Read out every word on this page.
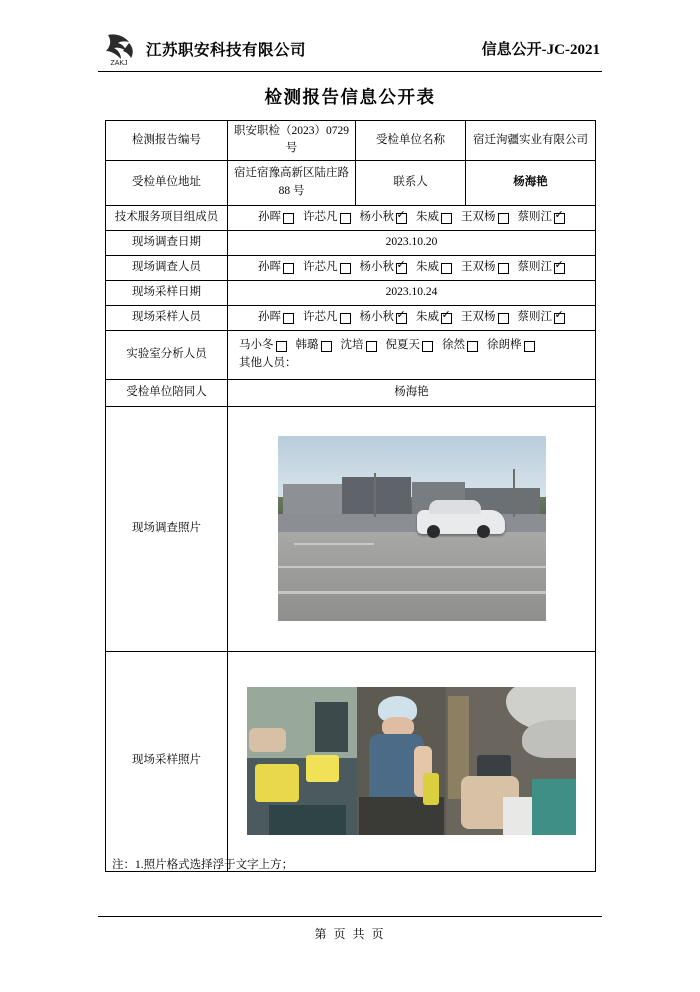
ZAKJ
江苏职安科技有限公司	信息公开-JC-2021
检测报告信息公开表
检测报告编号	职安职检（2023）0729 号	受检单位名称	宿迁洵疆实业有限公司
受检单位地址	宿迁宿豫高新区陆庄路 88 号	联系人	杨海艳
技术服务项目组成员	孙晖 许芯凡 杨小秋 ✓ 朱威 王双杨 蔡则江
✓

现场调查日期	2023.10.20		
现场调查人员	孙晖 许芯凡 杨小秋 ✓ 朱威 王双杨 蔡则江
✓

现场采样日期	2023.10.24		
现场采样人员	孙晖 许芯凡 杨小秋 ✓ 朱威 ✓ 王双杨 蔡则江
✓

实验室分析人员	
马小冬 韩璐 沈培 倪夏天 徐然 徐朗桦
其他人员：

受检单位陪同人	杨海艳		
现场调查照片			

现场采样照片			
注：1.照片格式选择浮于文字上方；
第 页 共 页
